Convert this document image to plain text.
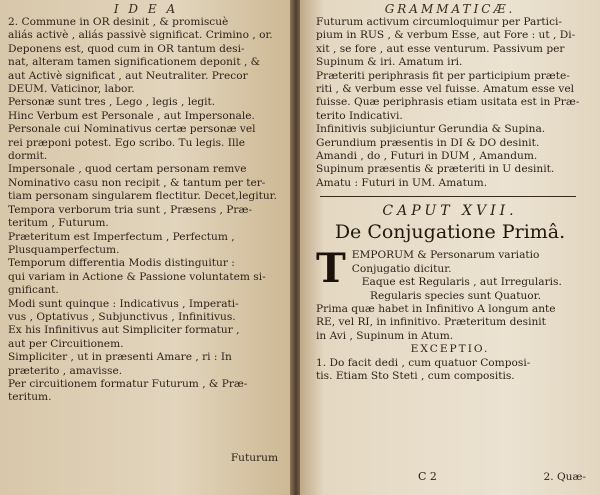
I D E A
2. Commune in OR desinit , & promiscuè
aliás activè , aliás passivè significat. Crimino , or.
Deponens est, quod cum in OR tantum desi-
nat, alteram tamen significationem deponit , &
aut Activè significat , aut Neutraliter. Precor
DEUM. Vaticinor, labor.
Personæ sunt tres , Lego , legis , legit.
Hinc Verbum est Personale , aut Impersonale.
Personale cui Nominativus certæ personæ vel
rei præponi potest. Ego scribo. Tu legis. Ille
dormit.
Impersonale , quod certam personam remve
Nominativo casu non recipit , & tantum per ter-
tiam personam singularem flectitur. Decet,legitur.
Tempora verborum tria sunt , Præsens , Præ-
teritum , Futurum.
Præteritum est Imperfectum , Perfectum ,
Plusquamperfectum.
Temporum differentia Modis distinguitur :
qui variam in Actione & Passione voluntatem si-
gnificant.
Modi sunt quinque : Indicativus , Imperati-
vus , Optativus , Subjunctivus , Infinitivus.
Ex his Infinitivus aut Simpliciter formatur ,
aut per Circuitionem.
Simpliciter , ut in præsenti Amare , ri : In
præterito , amavisse.
Per circuitionem formatur Futurum , & Præ-
teritum.
Futurum
GRAMMATICÆ.
Futurum activum circumloquimur per Partici-
pium in RUS , & verbum Esse, aut Fore : ut , Di-
xit , se fore , aut esse venturum. Passivum per
Supinum & iri. Amatum iri.
Præteriti periphrasis fit per participium præte-
riti , & verbum esse vel fuisse. Amatum esse vel
fuisse. Quæ periphrasis etiam usitata est in Præ-
terito Indicativi.
Infinitivis subjiciuntur Gerundia & Supina.
Gerundium præsentis in DI & DO desinit.
Amandi , do , Futuri in DUM , Amandum.
Supinum præsentis & præteriti in U desinit.
Amatu : Futuri in UM. Amatum.
CAPUT XVII.
De Conjugatione Primâ.
T EMPORUM & Personarum variatio
Conjugatio dicitur.
Eaque est Regularis , aut Irregularis.
Regularis species sunt Quatuor.
Prima quæ habet in Infinitivo A longum ante
RE, vel RI, in infinitivo. Præteritum desinit
in Avi , Supinum in Atum.
EXCEPTIO.
1. Do facit dedi , cum quatuor Composi-
tis. Etiam Sto Steti , cum compositis.
C 2	2. Quæ-
